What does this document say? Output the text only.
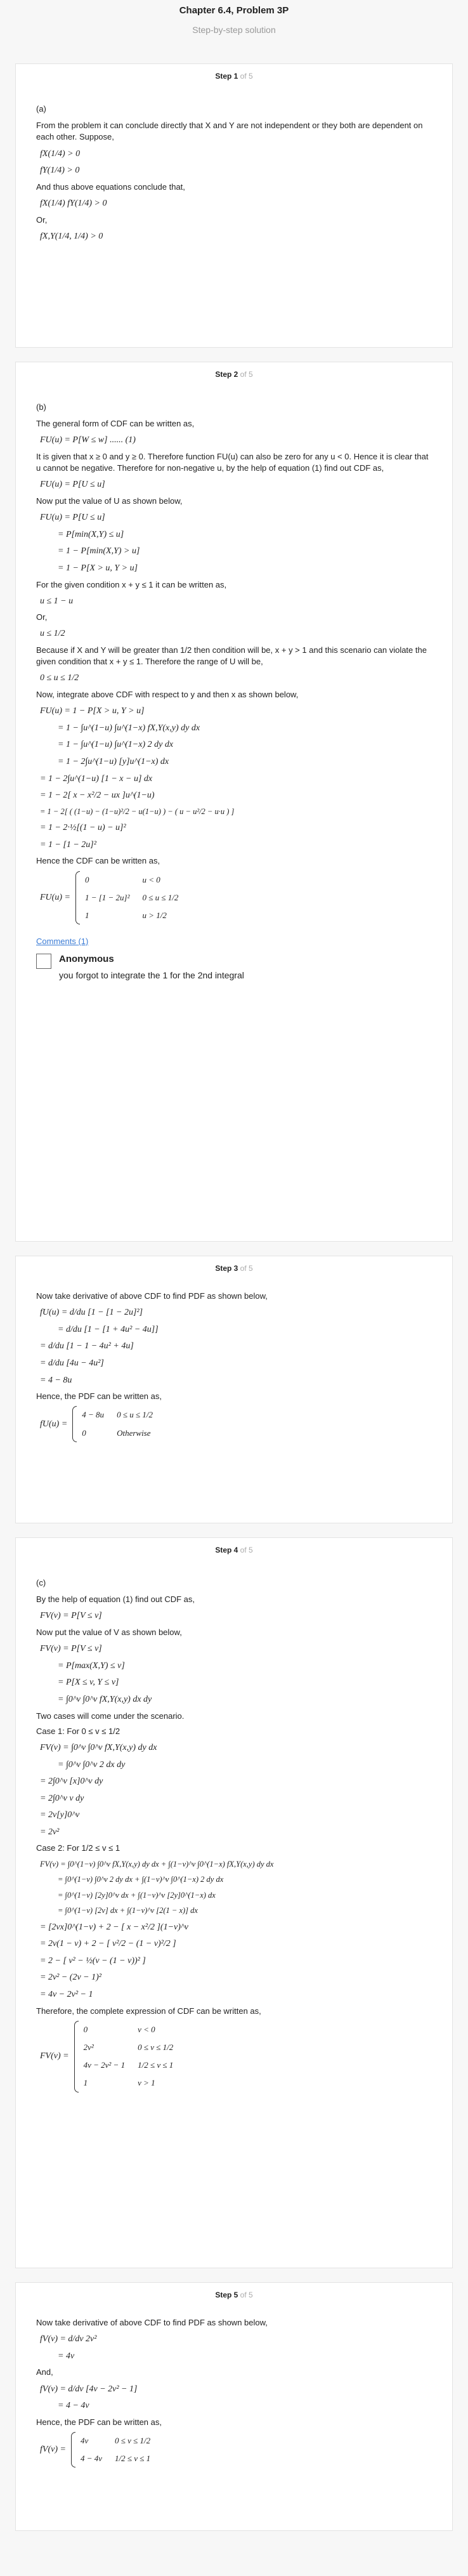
Chapter 6.4, Problem 3P
Step-by-step solution
Step 1 of 5
(a)
From the problem it can conclude directly that X and Y are not independent or they both are dependent on each other. Suppose,
fX(1/4) > 0
fY(1/4) > 0
And thus above equations conclude that,
fX(1/4) fY(1/4) > 0
Or,
fX,Y(1/4, 1/4) > 0
Step 2 of 5
(b)
The general form of CDF can be written as,
FU(u) = P[W ≤ w] ...... (1)
It is given that x ≥ 0 and y ≥ 0. Therefore function FU(u) can also be zero for any u < 0. Hence it is clear that u cannot be negative. Therefore for non-negative u, by the help of equation (1) find out CDF as,
FU(u) = P[U ≤ u]
Now put the value of U as shown below,
FU(u) = P[U ≤ u]
= P[min(X,Y) ≤ u]
= 1 − P[min(X,Y) > u]
= 1 − P[X > u, Y > u]
For the given condition x + y ≤ 1 it can be written as,
u ≤ 1 − u
Or,
u ≤ 1/2
Because if X and Y will be greater than 1/2 then condition will be, x + y > 1 and this scenario can violate the given condition that x + y ≤ 1. Therefore the range of U will be,
0 ≤ u ≤ 1/2
Now, integrate above CDF with respect to y and then x as shown below,
FU(u) = 1 − P[X > u, Y > u]
= 1 − ∫u^(1−u) ∫u^(1−x) fX,Y(x,y) dy dx
= 1 − ∫u^(1−u) ∫u^(1−x) 2 dy dx
= 1 − 2∫u^(1−u) [y]u^(1−x) dx
= 1 − 2∫u^(1−u) [1 − x − u] dx
= 1 − 2[ x − x²/2 − ux ]u^(1−u)
= 1 − 2[ ( (1−u) − (1−u)²/2 − u(1−u) ) − ( u − u²/2 − u·u ) ]
= 1 − 2·½[(1 − u) − u]²
= 1 − [1 − 2u]²
Hence the CDF can be written as,
FU(u) =
0	u < 0
1 − [1 − 2u]²	0 ≤ u ≤ 1/2
1	u > 1/2
Comments (1)
Anonymous
you forgot to integrate the 1 for the 2nd integral
Step 3 of 5
Now take derivative of above CDF to find PDF as shown below,
fU(u) = d/du [1 − [1 − 2u]²]
= d/du [1 − [1 + 4u² − 4u]]
= d/du [1 − 1 − 4u² + 4u]
= d/du [4u − 4u²]
= 4 − 8u
Hence, the PDF can be written as,
fU(u) =
4 − 8u	0 ≤ u ≤ 1/2
0	Otherwise
Step 4 of 5
(c)
By the help of equation (1) find out CDF as,
FV(v) = P[V ≤ v]
Now put the value of V as shown below,
FV(v) = P[V ≤ v]
= P[max(X,Y) ≤ v]
= P[X ≤ v, Y ≤ v]
= ∫0^v ∫0^v fX,Y(x,y) dx dy
Two cases will come under the scenario.
Case 1: For 0 ≤ v ≤ 1/2
FV(v) = ∫0^v ∫0^v fX,Y(x,y) dy dx
= ∫0^v ∫0^v 2 dx dy
= 2∫0^v [x]0^v dy
= 2∫0^v v dy
= 2v[y]0^v
= 2v²
Case 2: For 1/2 ≤ v ≤ 1
FV(v) = ∫0^(1−v) ∫0^v fX,Y(x,y) dy dx + ∫(1−v)^v ∫0^(1−x) fX,Y(x,y) dy dx
= ∫0^(1−v) ∫0^v 2 dy dx + ∫(1−v)^v ∫0^(1−x) 2 dy dx
= ∫0^(1−v) [2y]0^v dx + ∫(1−v)^v [2y]0^(1−x) dx
= ∫0^(1−v) [2v] dx + ∫(1−v)^v [2(1 − x)] dx
= [2vx]0^(1−v) + 2 − [ x − x²/2 ](1−v)^v
= 2v(1 − v) + 2 − [ v²/2 − (1 − v)²/2 ]
= 2 − [ v² − ½(v − (1 − v))² ]
= 2v² − (2v − 1)²
= 4v − 2v² − 1
Therefore, the complete expression of CDF can be written as,
FV(v) =
0	v < 0
2v²	0 ≤ v ≤ 1/2
4v − 2v² − 1	1/2 ≤ v ≤ 1
1	v > 1
Step 5 of 5
Now take derivative of above CDF to find PDF as shown below,
fV(v) = d/dv 2v²
= 4v
And,
fV(v) = d/dv [4v − 2v² − 1]
= 4 − 4v
Hence, the PDF can be written as,
fV(v) =
4v	0 ≤ v ≤ 1/2
4 − 4v	1/2 ≤ v ≤ 1
